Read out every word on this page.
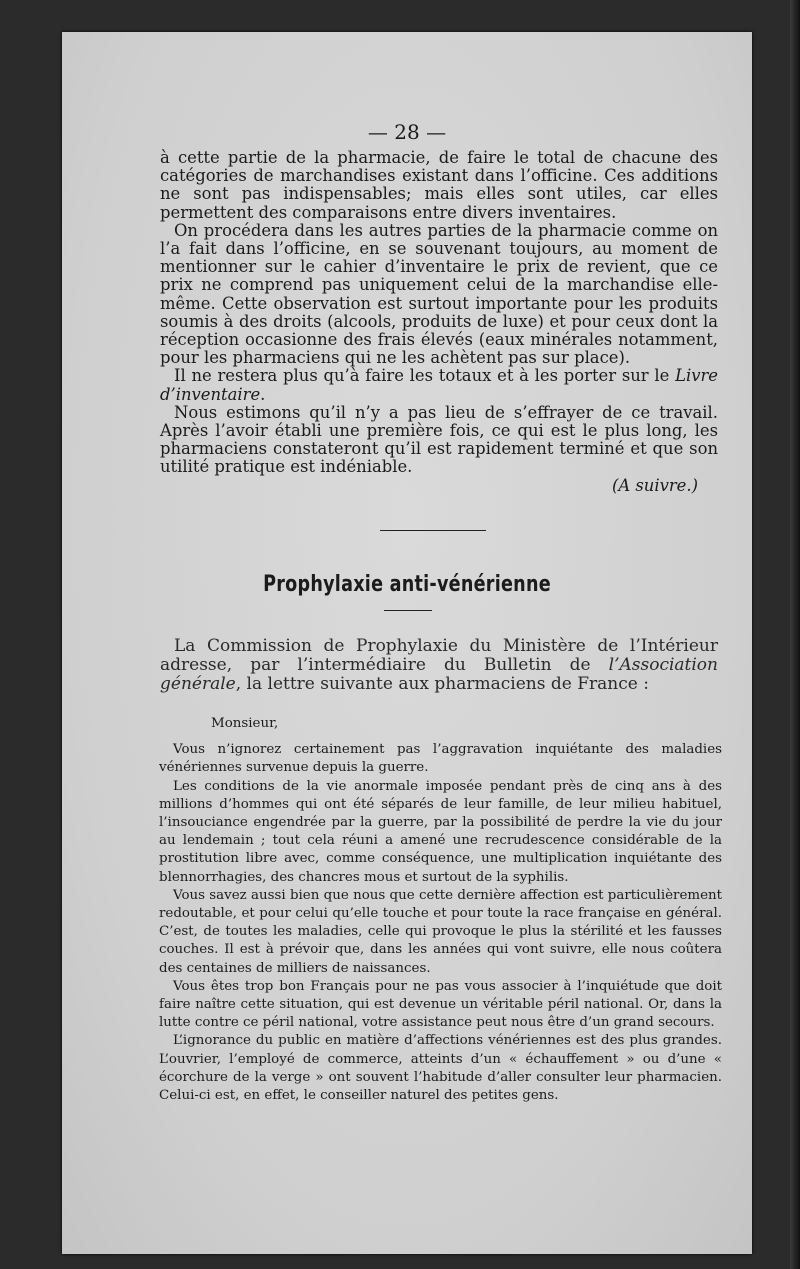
— 28 —

à cette partie de la pharmacie, de faire le total de chacune des catégories de marchandises existant dans l’officine. Ces additions ne sont pas indispensables; mais elles sont utiles, car elles permettent des comparaisons entre divers inventaires.

On procédera dans les autres parties de la pharmacie comme on l’a fait dans l’officine, en se souvenant toujours, au moment de mentionner sur le cahier d’inventaire le prix de revient, que ce prix ne comprend pas uniquement celui de la marchandise elle-même. Cette observation est surtout importante pour les produits soumis à des droits (alcools, produits de luxe) et pour ceux dont la réception occasionne des frais élevés (eaux minérales notamment, pour les pharmaciens qui ne les achètent pas sur place).

Il ne restera plus qu’à faire les totaux et à les porter sur le Livre d’inventaire.

Nous estimons qu’il n’y a pas lieu de s’effrayer de ce travail. Après l’avoir établi une première fois, ce qui est le plus long, les pharmaciens constateront qu’il est rapidement terminé et que son utilité pratique est indéniable.

(A suivre.)

Prophylaxie anti-vénérienne

La Commission de Prophylaxie du Ministère de l’Intérieur adresse, par l’intermédiaire du Bulletin de l’Association générale, la lettre suivante aux pharmaciens de France :

Monsieur,

Vous n’ignorez certainement pas l’aggravation inquiétante des maladies vénériennes survenue depuis la guerre.

Les conditions de la vie anormale imposée pendant près de cinq ans à des millions d’hommes qui ont été séparés de leur famille, de leur milieu habituel, l’insouciance engendrée par la guerre, par la possibilité de perdre la vie du jour au lendemain ; tout cela réuni a amené une recrudescence considérable de la prostitution libre avec, comme conséquence, une multiplication inquiétante des blennorrhagies, des chancres mous et surtout de la syphilis.

Vous savez aussi bien que nous que cette dernière affection est particulièrement redoutable, et pour celui qu’elle touche et pour toute la race française en général. C’est, de toutes les maladies, celle qui provoque le plus la stérilité et les fausses couches. Il est à prévoir que, dans les années qui vont suivre, elle nous coûtera des centaines de milliers de naissances.

Vous êtes trop bon Français pour ne pas vous associer à l’inquiétude que doit faire naître cette situation, qui est devenue un véritable péril national. Or, dans la lutte contre ce péril national, votre assistance peut nous être d’un grand secours.

L’ignorance du public en matière d’affections vénériennes est des plus grandes. L’ouvrier, l’employé de commerce, atteints d’un « échauffement » ou d’une « écorchure de la verge » ont souvent l’habitude d’aller consulter leur pharmacien. Celui-ci est, en effet, le conseiller naturel des petites gens.
